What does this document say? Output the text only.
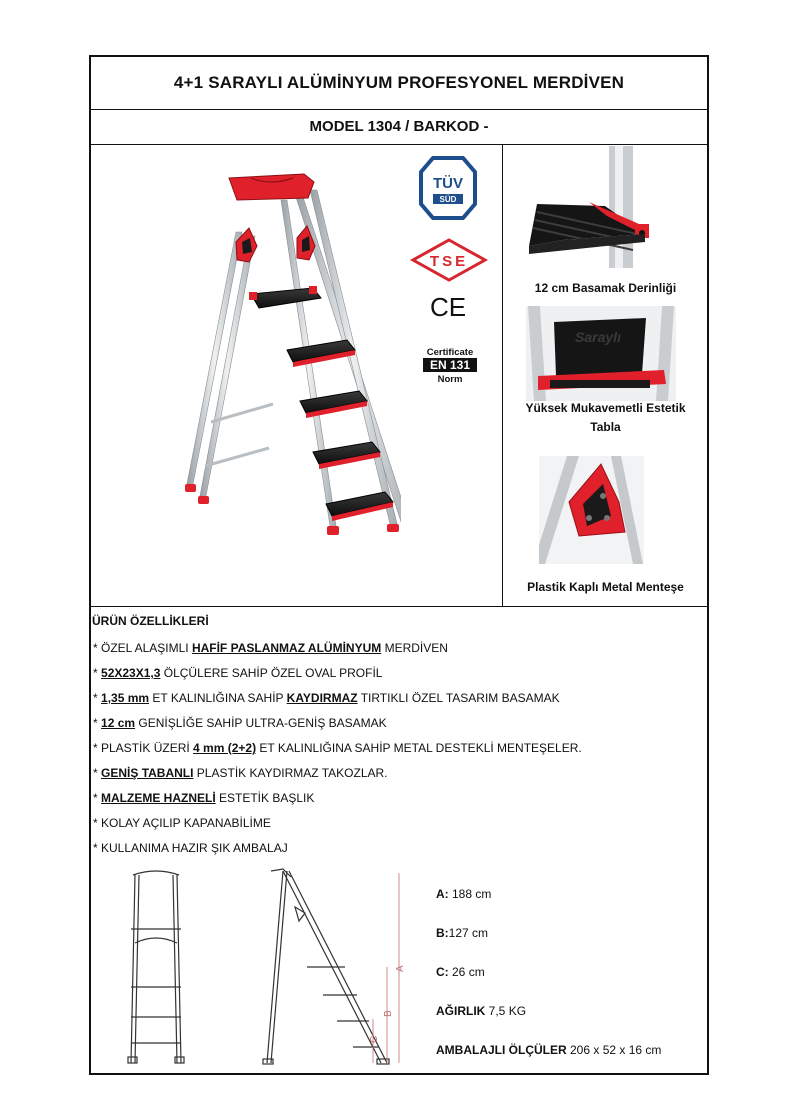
4+1 SARAYLI ALÜMİNYUM PROFESYONEL MERDİVEN
MODEL 1304 / BARKOD -
TÜV
SÜD
TSE
CE
Certificate
EN 131
Norm
12 cm Basamak Derinliği
Saraylı
Yüksek Mukavemetli Estetik
Tabla
Plastik Kaplı Metal Menteşe
ÜRÜN ÖZELLİKLERİ
* ÖZEL ALAŞIMLI HAFİF PASLANMAZ ALÜMİNYUM MERDİVEN
* 52X23X1,3 ÖLÇÜLERE SAHİP ÖZEL OVAL PROFİL
* 1,35 mm ET KALINLIĞINA SAHİP KAYDIRMAZ TIRTIKLI ÖZEL TASARIM BASAMAK
* 12 cm GENİŞLİĞE SAHİP ULTRA-GENİŞ BASAMAK
* PLASTİK ÜZERİ 4 mm (2+2) ET KALINLIĞINA SAHİP METAL DESTEKLİ MENTEŞELER.
* GENİŞ TABANLI PLASTİK KAYDIRMAZ TAKOZLAR.
* MALZEME HAZNELİ ESTETİK BAŞLIK
* KOLAY AÇILIP KAPANABİLİME
* KULLANIMA HAZIR ŞIK AMBALAJ
A
B
C
A: 188 cm
B:127 cm
C: 26 cm
AĞIRLIK 7,5 KG
AMBALAJLI ÖLÇÜLER 206 x 52 x 16 cm
